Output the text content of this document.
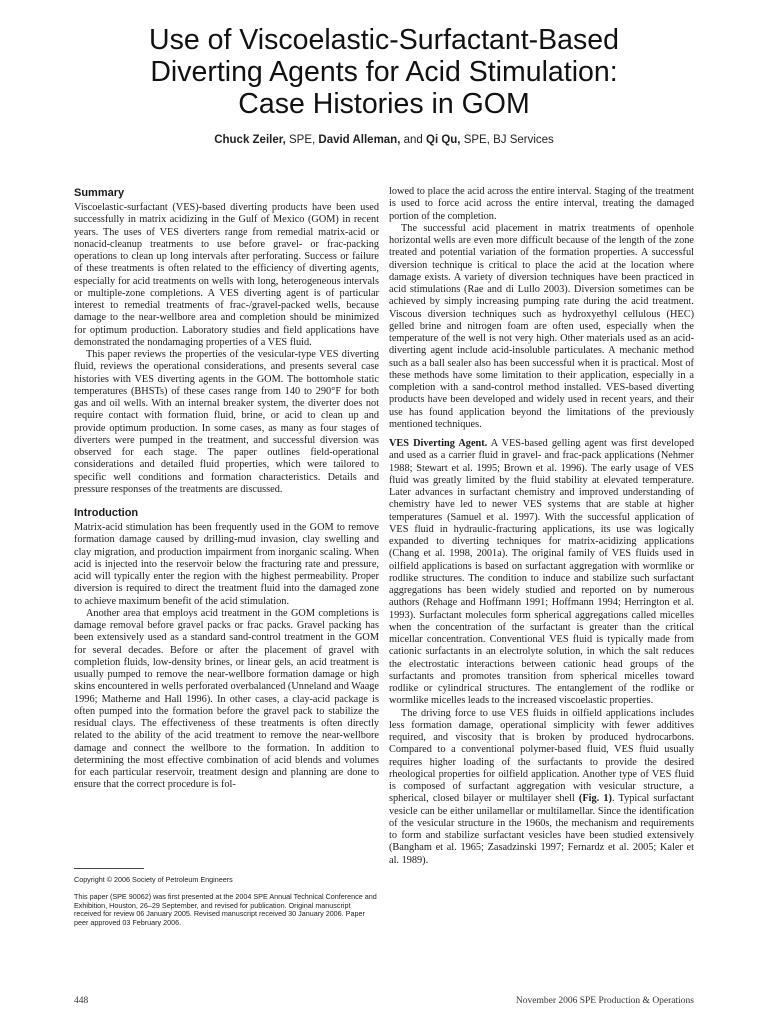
Use of Viscoelastic-Surfactant-Based
Diverting Agents for Acid Stimulation:
Case Histories in GOM
Chuck Zeiler, SPE, David Alleman, and Qi Qu, SPE, BJ Services
Summary

Viscoelastic-surfactant (VES)-based diverting products have been used successfully in matrix acidizing in the Gulf of Mexico (GOM) in recent years. The uses of VES diverters range from remedial matrix-acid or nonacid-cleanup treatments to use before gravel- or frac-packing operations to clean up long intervals after perforating. Success or failure of these treatments is often related to the efficiency of diverting agents, especially for acid treatments on wells with long, heterogeneous intervals or multiple-zone completions. A VES diverting agent is of particular interest to remedial treatments of frac-/gravel-packed wells, because damage to the near-wellbore area and completion should be minimized for optimum production. Laboratory studies and field applications have demonstrated the nondamaging properties of a VES fluid.

This paper reviews the properties of the vesicular-type VES diverting fluid, reviews the operational considerations, and presents several case histories with VES diverting agents in the GOM. The bottomhole static temperatures (BHSTs) of these cases range from 140 to 290°F for both gas and oil wells. With an internal breaker system, the diverter does not require contact with formation fluid, brine, or acid to clean up and provide optimum production. In some cases, as many as four stages of diverters were pumped in the treatment, and successful diversion was observed for each stage. The paper outlines field-operational considerations and detailed fluid properties, which were tailored to specific well conditions and formation characteristics. Details and pressure responses of the treatments are discussed.

Introduction

Matrix-acid stimulation has been frequently used in the GOM to remove formation damage caused by drilling-mud invasion, clay swelling and clay migration, and production impairment from inorganic scaling. When acid is injected into the reservoir below the fracturing rate and pressure, acid will typically enter the region with the highest permeability. Proper diversion is required to direct the treatment fluid into the damaged zone to achieve maximum benefit of the acid stimulation.

Another area that employs acid treatment in the GOM completions is damage removal before gravel packs or frac packs. Gravel packing has been extensively used as a standard sand-control treatment in the GOM for several decades. Before or after the placement of gravel with completion fluids, low-density brines, or linear gels, an acid treatment is usually pumped to remove the near-wellbore formation damage or high skins encountered in wells perforated overbalanced (Unneland and Waage 1996; Matherne and Hall 1996). In other cases, a clay-acid package is often pumped into the formation before the gravel pack to stabilize the residual clays. The effectiveness of these treatments is often directly related to the ability of the acid treatment to remove the near-wellbore damage and connect the wellbore to the formation. In addition to determining the most effective combination of acid blends and volumes for each particular reservoir, treatment design and planning are done to ensure that the correct procedure is fol-

Copyright © 2006 Society of Petroleum Engineers
This paper (SPE 90062) was first presented at the 2004 SPE Annual Technical Conference and Exhibition, Houston, 26–29 September, and revised for publication. Original manuscript received for review 06 January 2005. Revised manuscript received 30 January 2006. Paper peer approved 03 February 2006.

lowed to place the acid across the entire interval. Staging of the treatment is used to force acid across the entire interval, treating the damaged portion of the completion.

The successful acid placement in matrix treatments of openhole horizontal wells are even more difficult because of the length of the zone treated and potential variation of the formation properties. A successful diversion technique is critical to place the acid at the location where damage exists. A variety of diversion techniques have been practiced in acid stimulations (Rae and di Lullo 2003). Diversion sometimes can be achieved by simply increasing pumping rate during the acid treatment. Viscous diversion techniques such as hydroxyethyl cellulous (HEC) gelled brine and nitrogen foam are often used, especially when the temperature of the well is not very high. Other materials used as an acid-diverting agent include acid-insoluble particulates. A mechanic method such as a ball sealer also has been successful when it is practical. Most of these methods have some limitation to their application, especially in a completion with a sand-control method installed. VES-based diverting products have been developed and widely used in recent years, and their use has found application beyond the limitations of the previously mentioned techniques.

VES Diverting Agent. A VES-based gelling agent was first developed and used as a carrier fluid in gravel- and frac-pack applications (Nehmer 1988; Stewart et al. 1995; Brown et al. 1996). The early usage of VES fluid was greatly limited by the fluid stability at elevated temperature. Later advances in surfactant chemistry and improved understanding of chemistry have led to newer VES systems that are stable at higher temperatures (Samuel et al. 1997). With the successful application of VES fluid in hydraulic-fracturing applications, its use was logically expanded to diverting techniques for matrix-acidizing applications (Chang et al. 1998, 2001a). The original family of VES fluids used in oilfield applications is based on surfactant aggregation with wormlike or rodlike structures. The condition to induce and stabilize such surfactant aggregations has been widely studied and reported on by numerous authors (Rehage and Hoffmann 1991; Hoffmann 1994; Herrington et al. 1993). Surfactant molecules form spherical aggregations called micelles when the concentration of the surfactant is greater than the critical micellar concentration. Conventional VES fluid is typically made from cationic surfactants in an electrolyte solution, in which the salt reduces the electrostatic interactions between cationic head groups of the surfactants and promotes transition from spherical micelles toward rodlike or cylindrical structures. The entanglement of the rodlike or wormlike micelles leads to the increased viscoelastic properties.

The driving force to use VES fluids in oilfield applications includes less formation damage, operational simplicity with fewer additives required, and viscosity that is broken by produced hydrocarbons. Compared to a conventional polymer-based fluid, VES fluid usually requires higher loading of the surfactants to provide the desired rheological properties for oilfield application. Another type of VES fluid is composed of surfactant aggregation with vesicular structure, a spherical, closed bilayer or multilayer shell (Fig. 1). Typical surfactant vesicle can be either unilamellar or multilamellar. Since the identification of the vesicular structure in the 1960s, the mechanism and requirements to form and stabilize surfactant vesicles have been studied extensively (Bangham et al. 1965; Zasadzinski 1997; Fernardz et al. 2005; Kaler et al. 1989).

448	November 2006 SPE Production & Operations
